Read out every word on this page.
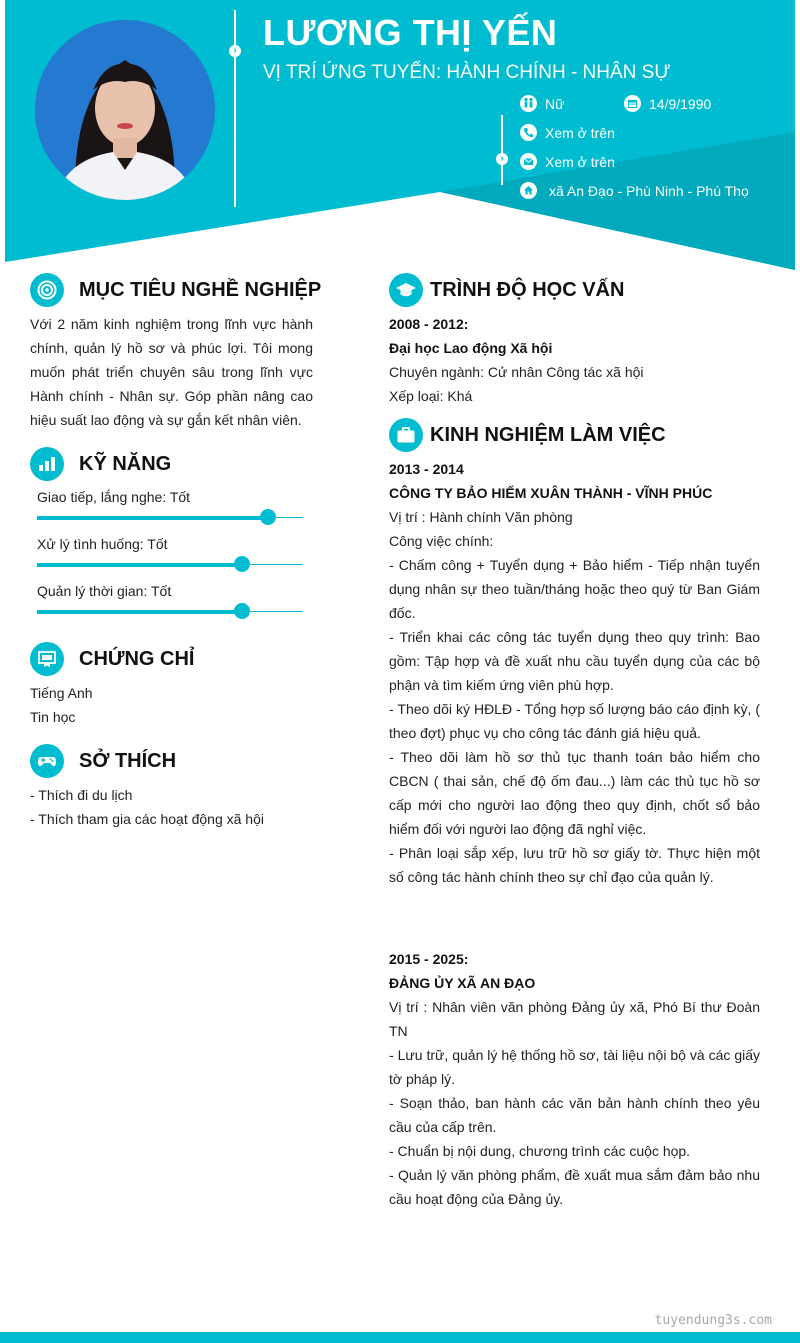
›
›
LƯƠNG THỊ YẾN
VỊ TRÍ ỨNG TUYỂN: HÀNH CHÍNH - NHÂN SỰ
Nữ	14/9/1990
Xem ở trên
Xem ở trên
xã An Đạo - Phù Ninh - Phú Thọ
MỤC TIÊU NGHỀ NGHIỆP
Với 2 năm kinh nghiệm trong lĩnh vực hành chính, quản lý hồ sơ và phúc lợi. Tôi mong muốn phát triển chuyên sâu trong lĩnh vực Hành chính - Nhân sự. Góp phần nâng cao hiệu suất lao động và sự gắn kết nhân viên.
KỸ NĂNG
Giao tiếp, lắng nghe: Tốt
Xử lý tình huống: Tốt
Quản lý thời gian: Tốt
CHỨNG CHỈ
Tiếng Anh
Tin học
SỞ THÍCH
- Thích đi du lịch
- Thích tham gia các hoạt động xã hội
TRÌNH ĐỘ HỌC VẤN
2008 - 2012:
Đại học Lao động Xã hội
Chuyên ngành: Cử nhân Công tác xã hội
Xếp loại: Khá
KINH NGHIỆM LÀM VIỆC

2013 - 2014

CÔNG TY BẢO HIỂM XUÂN THÀNH - VĨNH PHÚC

Vị trí : Hành chính Văn phòng

Công việc chính:

- Chấm công + Tuyển dụng + Bảo hiểm - Tiếp nhận tuyển dụng nhân sự theo tuần/tháng hoặc theo quý từ Ban Giám đốc.

- Triển khai các công tác tuyển dụng theo quy trình: Bao gồm: Tập hợp và đề xuất nhu cầu tuyển dụng của các bộ phận và tìm kiếm ứng viên phù hợp.

- Theo dõi ký HĐLĐ - Tổng hợp số lượng báo cáo định kỳ, ( theo đợt) phục vụ cho công tác đánh giá hiệu quả.

- Theo dõi làm hồ sơ thủ tục thanh toán bảo hiểm cho CBCN ( thai sản, chế độ ốm đau...) làm các thủ tục hồ sơ cấp mới cho người lao động theo quy định, chốt sổ bảo hiểm đối với người lao động đã nghỉ việc.

- Phân loại sắp xếp, lưu trữ hồ sơ giấy tờ. Thực hiện một số công tác hành chính theo sự chỉ đạo của quản lý.

2015 - 2025:

ĐẢNG ỦY XÃ AN ĐẠO

Vị trí : Nhân viên văn phòng Đảng ủy xã, Phó Bí thư Đoàn TN

- Lưu trữ, quản lý hệ thống hồ sơ, tài liệu nội bộ và các giấy tờ pháp lý.

- Soạn thảo, ban hành các văn bản hành chính theo yêu cầu của cấp trên.

- Chuẩn bị nội dung, chương trình các cuộc họp.

- Quản lý văn phòng phẩm, đề xuất mua sắm đảm bảo nhu cầu hoạt động của Đảng ủy.

tuyendung3s.com
